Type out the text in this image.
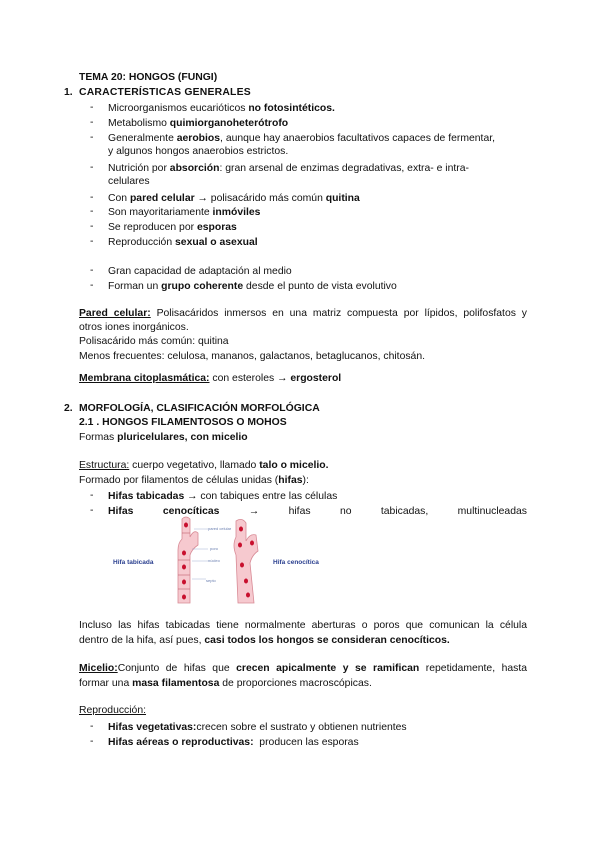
TEMA 20: HONGOS (FUNGI)
1. CARACTERÍSTICAS GENERALES
- Microorganismos eucarióticos no fotosintéticos.
- Metabolismo quimiorganoheterótrofo
- Generalmente aerobios, aunque hay anaerobios facultativos capaces de fermentar,
y algunos hongos anaerobios estrictos.
- Nutrición por absorción: gran arsenal de enzimas degradativas, extra- e intra-
celulares
- Con pared celular → polisacárido más común quitina
- Son mayoritariamente inmóviles
- Se reproducen por esporas
- Reproducción sexual o asexual
- Gran capacidad de adaptación al medio
- Forman un grupo coherente desde el punto de vista evolutivo
Pared celular: Polisacáridos inmersos en una matriz compuesta por lípidos, polifosfatos y
otros iones inorgánicos.
Polisacárido más común: quitina
Menos frecuentes: celulosa, mananos, galactanos, betaglucanos, chitosán.
Membrana citoplasmática: con esteroles → ergosterol
2. MORFOLOGÍA, CLASIFICACIÓN MORFOLÓGICA
2.1 . HONGOS FILAMENTOSOS O MOHOS
Formas pluricelulares, con micelio
Estructura: cuerpo vegetativo, llamado talo o micelio.
Formado por filamentos de células unidas (hifas):
- Hifas tabicadas → con tabiques entre las células
- Hifas	cenocíticas	→	hifas	no	tabicadas,	multinucleadas
Hifa tabicada	Hifa cenocítica
pared celular
poro
núcleo
septo
Incluso las hifas tabicadas tiene normalmente aberturas o poros que comunican la célula
dentro de la hifa, así pues, casi todos los hongos se consideran cenocíticos.
Micelio:Conjunto de hifas que crecen apicalmente y se ramifican repetidamente, hasta
formar una masa filamentosa de proporciones macroscópicas.
Reproducción:
- Hifas vegetativas:crecen sobre el sustrato y obtienen nutrientes
- Hifas aéreas o reproductivas:  producen las esporas
